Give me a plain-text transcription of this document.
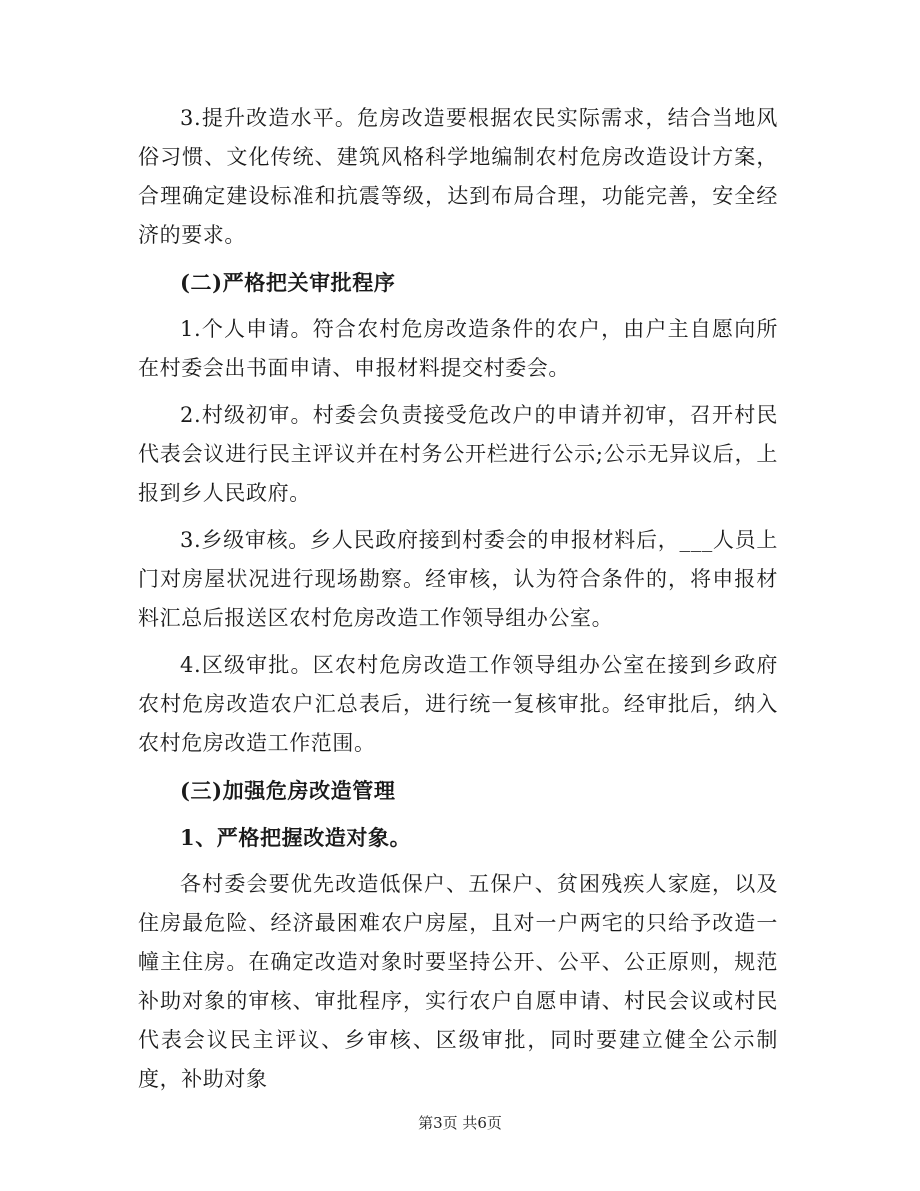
3.提升改造水平。危房改造要根据农民实际需求，结合当地风俗习惯、文化传统、建筑风格科学地编制农村危房改造设计方案，合理确定建设标准和抗震等级，达到布局合理，功能完善，安全经济的要求。

(二)严格把关审批程序

1.个人申请。符合农村危房改造条件的农户，由户主自愿向所在村委会出书面申请、申报材料提交村委会。

2.村级初审。村委会负责接受危改户的申请并初审，召开村民代表会议进行民主评议并在村务公开栏进行公示;公示无异议后，上报到乡人民政府。

3.乡级审核。乡人民政府接到村委会的申报材料后，___人员上门对房屋状况进行现场勘察。经审核，认为符合条件的，将申报材料汇总后报送区农村危房改造工作领导组办公室。

4.区级审批。区农村危房改造工作领导组办公室在接到乡政府农村危房改造农户汇总表后，进行统一复核审批。经审批后，纳入农村危房改造工作范围。

(三)加强危房改造管理

1、严格把握改造对象。

各村委会要优先改造低保户、五保户、贫困残疾人家庭，以及住房最危险、经济最困难农户房屋，且对一户两宅的只给予改造一幢主住房。在确定改造对象时要坚持公开、公平、公正原则，规范补助对象的审核、审批程序，实行农户自愿申请、村民会议或村民代表会议民主评议、乡审核、区级审批，同时要建立健全公示制度，补助对象

第3页 共6页
